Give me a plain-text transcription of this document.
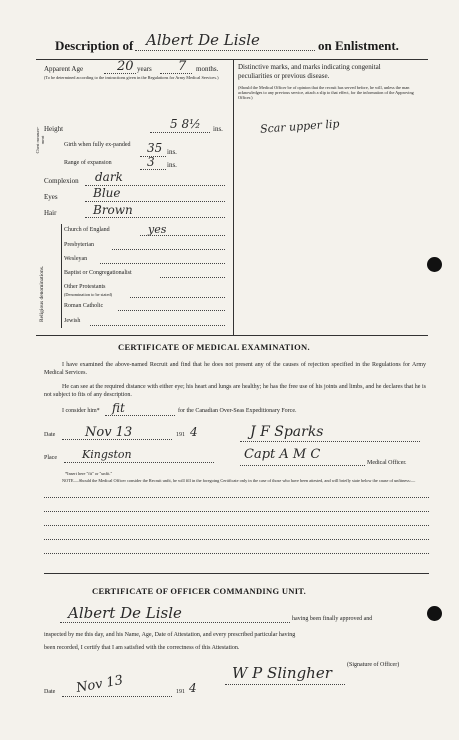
Description of Albert De Lisle	on Enlistment.
Apparent Age	20 years 7 months.
(To be determined according to the instructions given in the Regulations for Army Medical Services.)
Height	5 8½ ins.
Chest measure-ment
Girth when fully ex-panded	35 ins.
Range of expansion	3 ins.
Complexion dark
Eyes	Blue
Hair	Brown
Religious denominations.
Church of England	yes
Presbyterian
Wesleyan
Baptist or Congregationalist
Other Protestants
(Denomination to be stated)
Roman Catholic
Jewish
Distinctive marks, and marks indicating congenital
peculiarities or previous disease.
(Should the Medical Officer be of opinion that the recruit has served before, he will, unless the man acknowledges to any previous service, attach a slip to that effect, for the information of the Approving Officer.)
Scar upper lip
CERTIFICATE OF MEDICAL EXAMINATION.
I have examined the above-named Recruit and find that he does not present any of the causes of rejection specified in the Regulations for Army Medical Services.
He can see at the required distance with either eye; his heart and lungs are healthy; he has the free use of his joints and limbs, and he declares that he is not subject to fits of any description.
I consider him* fit	for the Canadian Over-Seas Expeditionary Force.
Date Nov 13	191 4	J F Sparks
Place Kingston	Capt A M C
Medical Officer.
*Insert here "fit" or "unfit."
NOTE.—Should the Medical Officer consider the Recruit unfit, he will fill in the foregoing Certificate only in the case of those who have been attested, and will briefly state below the cause of unfitness:—
CERTIFICATE OF OFFICER COMMANDING UNIT.
Albert De Lisle	having been finally approved and
inspected by me this day, and his Name, Age, Date of Attestation, and every prescribed particular having
been recorded, I certify that I am satisfied with the correctness of this Attestation.
W P Slingher	(Signature of Officer)
Date Nov 13	191 4
